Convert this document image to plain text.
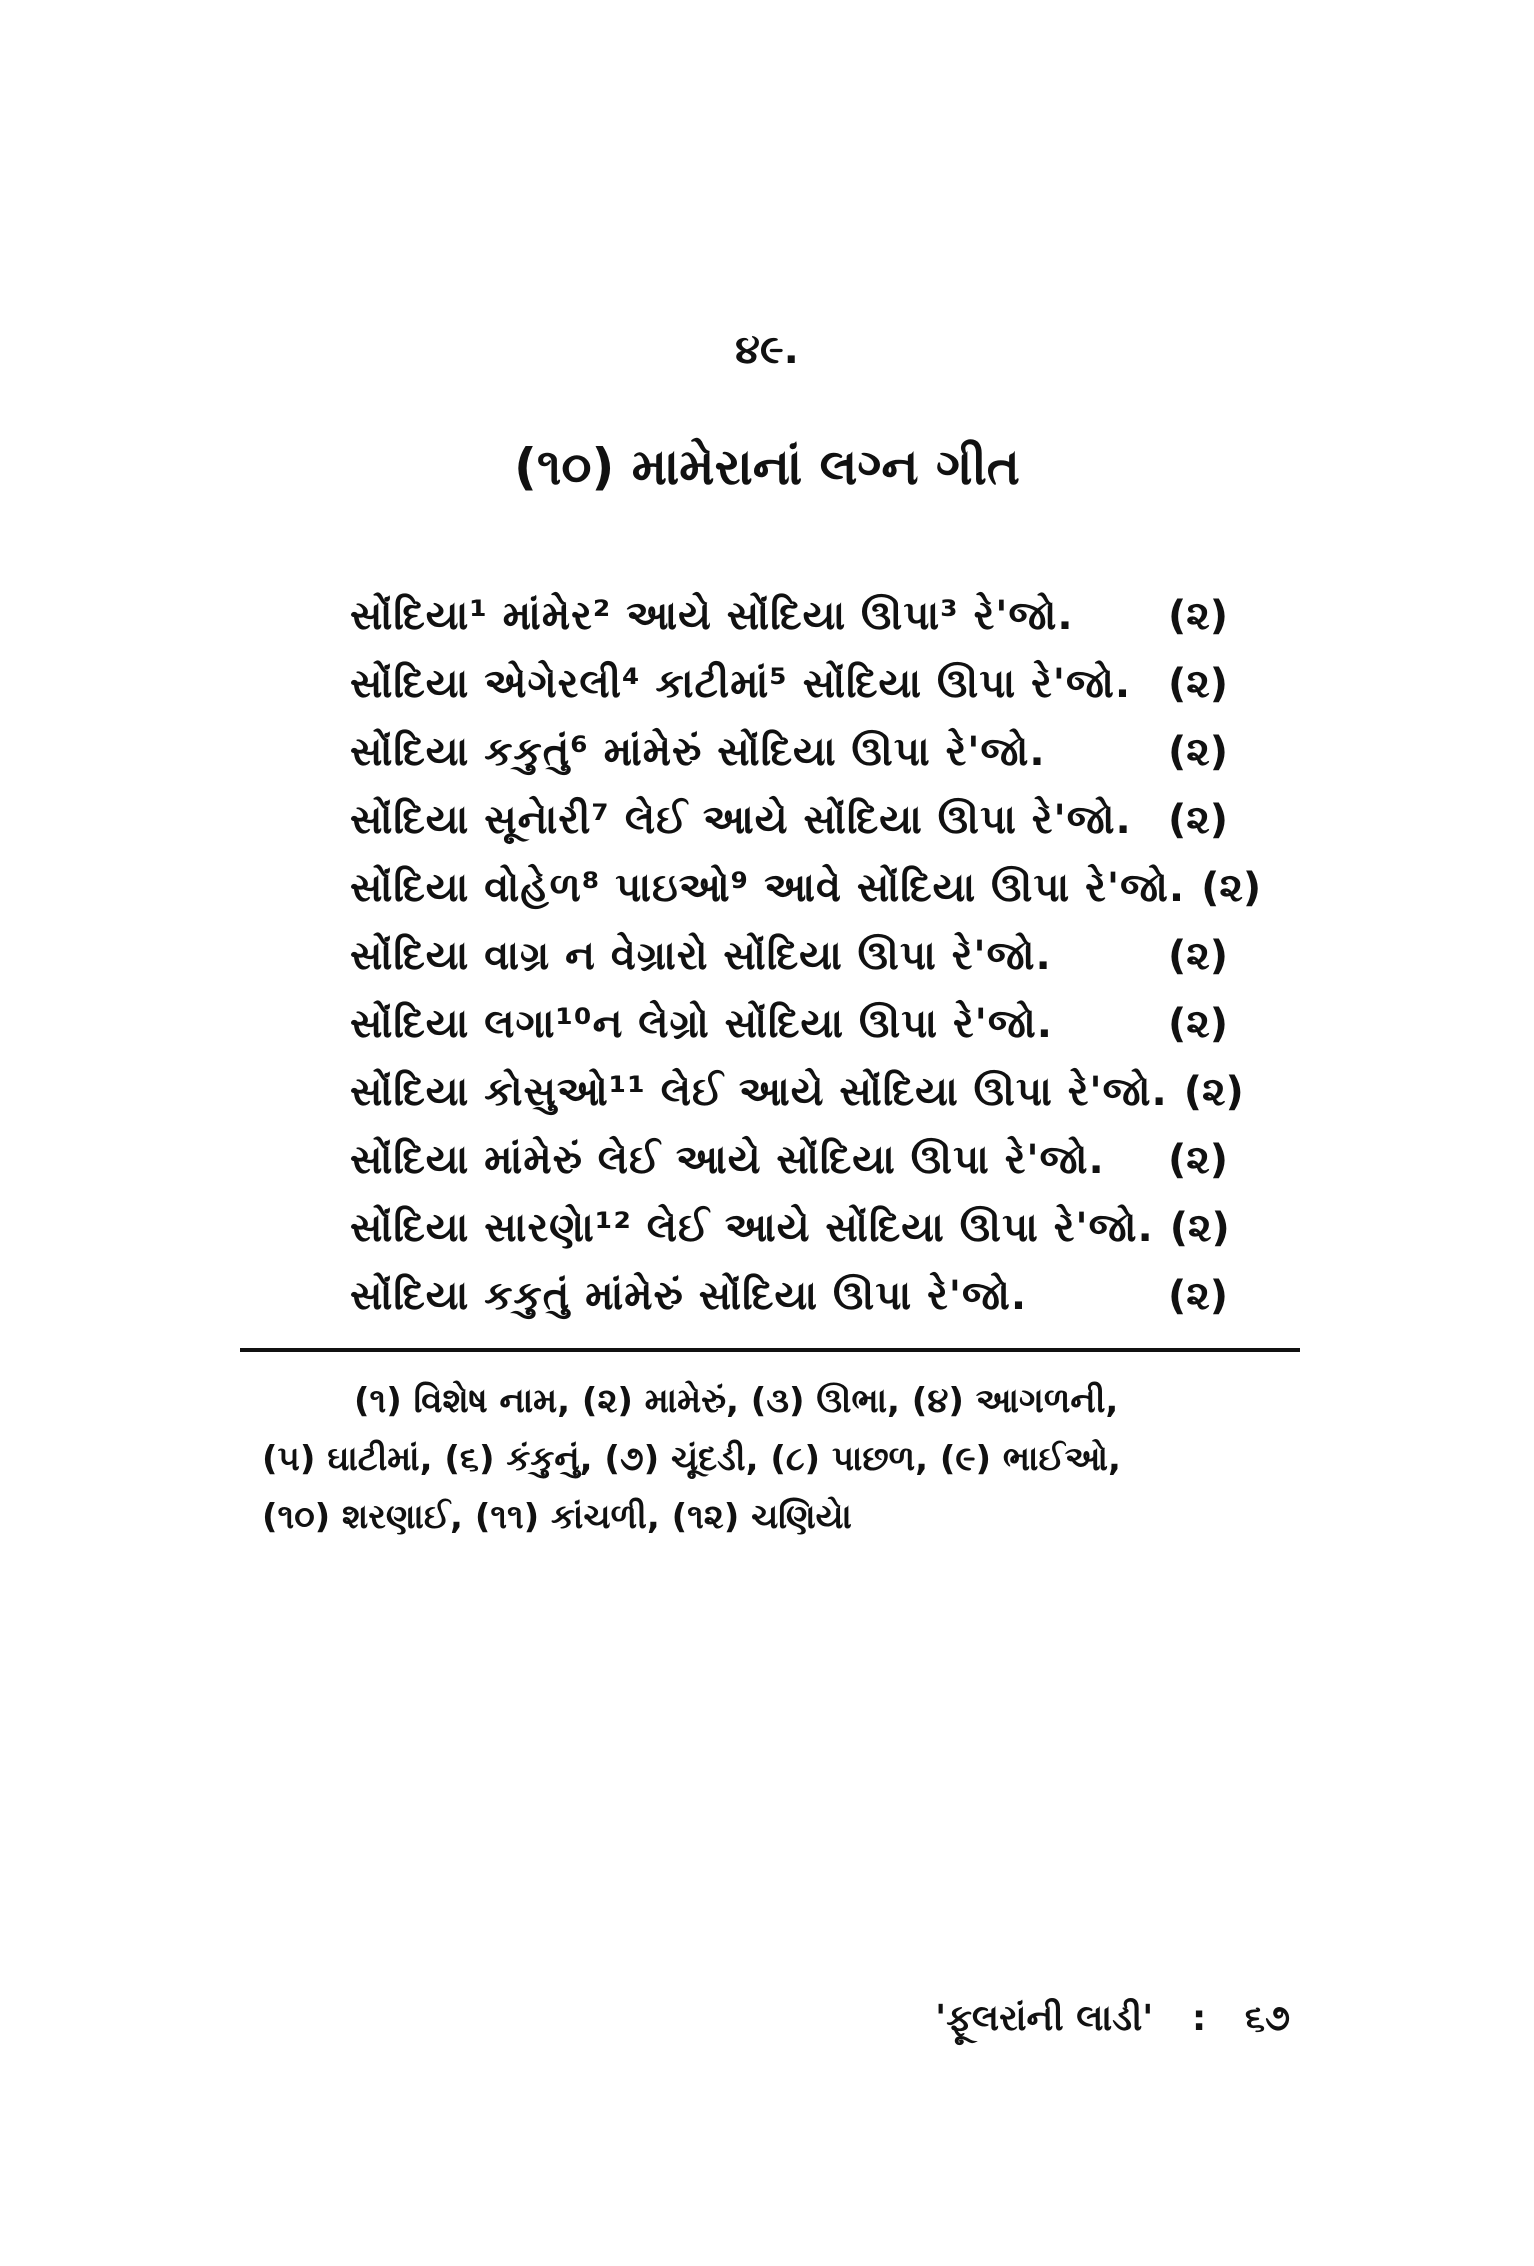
૪૯.
(૧૦) મામેરાનાં લગ્ન ગીત
સોંદિયા¹ માંમેર² આયે સોંદિયા ઊપા³ રે'જો. (૨)
સોંદિયા એગેરલી⁴ કાટીમાં⁵ સોંદિયા ઊપા રે'જો. (૨)
સોંદિયા કકુતું⁶ માંમેરું સોંદિયા ઊપા રે'જો.	(૨)
સોંદિયા સૂનેારી⁷ લેઈ આયે સોંદિયા ઊપા રે'જો. (૨)
સોંદિયા વોહેળ⁸ પાઇઓ⁹ આવે સોંદિયા ઊપા રે'જો. (૨)
સોંદિયા વાગ્ર ન વેગ્રારો સોંદિયા ઊપા રે'જો.	(૨)
સોંદિયા લગા¹⁰ન લેગ્રો સોંદિયા ઊપા રે'જો.	(૨)
સોંદિયા કોસુઓ¹¹ લેઈ આયે સોંદિયા ઊપા રે'જો. (૨)
સોંદિયા માંમેરું લેઈ આયે સોંદિયા ઊપા રે'જો. (૨)
સોંદિયા સારણેા¹² લેઈ આયે સોંદિયા ઊપા રે'જો. (૨)
સોંદિયા કકુતું માંમેરું સોંદિયા ઊપા રે'જો.	(૨)
(૧) વિશેષ નામ, (૨) મામેરું, (૩) ઊભા, (૪) આગળની,
(૫) ઘાટીમાં, (૬) કંકુનું, (૭) ચૂંદડી, (૮) પાછળ, (૯) ભાઈઓ,
(૧૦) શરણાઈ, (૧૧) કાંચળી, (૧૨) ચણિયેા
'ફૂલરાંની લાડી' : ૬૭
